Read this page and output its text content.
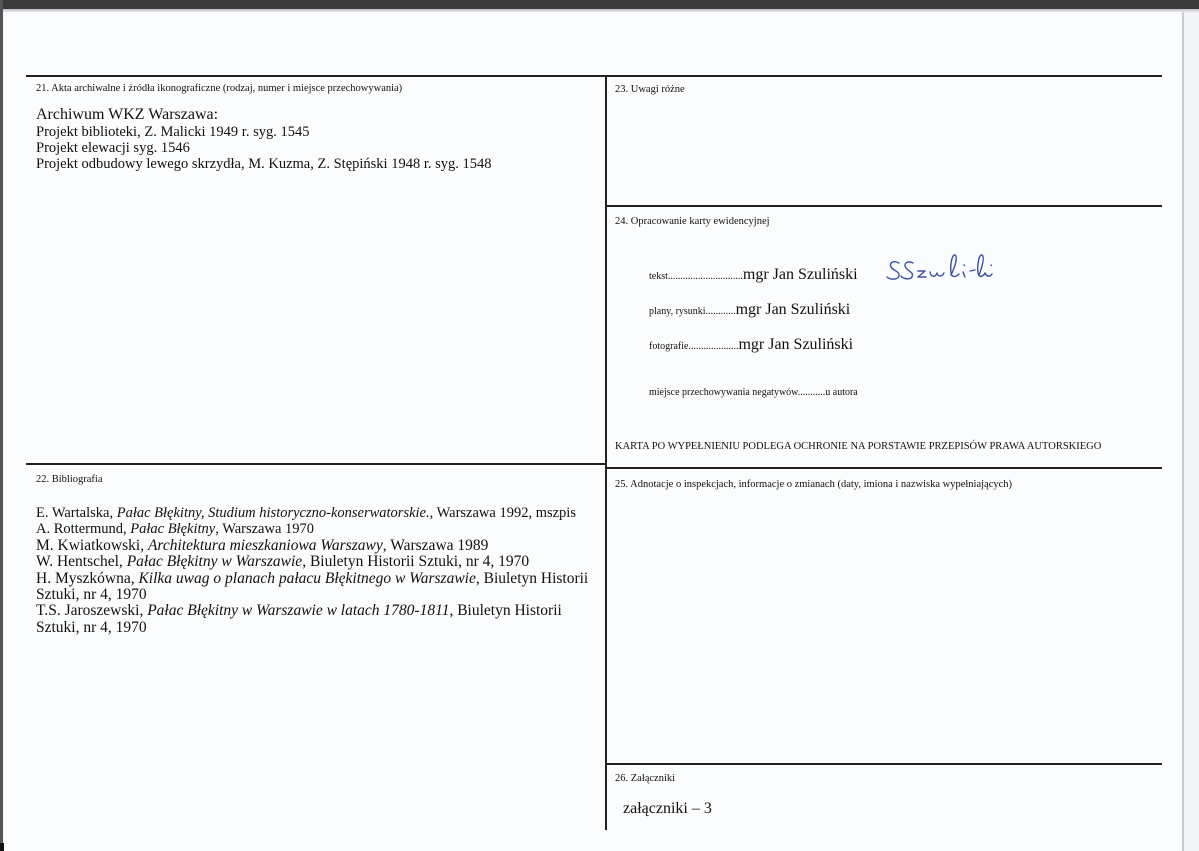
21. Akta archiwalne i źródła ikonograficzne (rodzaj, numer i miejsce przechowywania)
Archiwum WKZ Warszawa:
Projekt biblioteki, Z. Malicki 1949 r. syg. 1545
Projekt elewacji syg. 1546
Projekt odbudowy lewego skrzydła, M. Kuzma, Z. Stępiński 1948 r. syg. 1548
23. Uwagi różne
24. Opracowanie karty ewidencyjnej
tekst..............................mgr Jan Szuliński
plany, rysunki............mgr Jan Szuliński
fotografie....................mgr Jan Szuliński
miejsce przechowywania negatywów...........u autora
KARTA PO WYPEŁNIENIU PODLEGA OCHRONIE NA PORSTAWIE PRZEPISÓW PRAWA AUTORSKIEGO
22. Bibliografia
E. Wartalska, Pałac Błękitny, Studium historyczno-konserwatorskie., Warszawa 1992, mszpis
A. Rottermund, Pałac Błękitny, Warszawa 1970
M. Kwiatkowski, Architektura mieszkaniowa Warszawy, Warszawa 1989
W. Hentschel, Pałac Błękitny w Warszawie, Biuletyn Historii Sztuki, nr 4, 1970
H. Myszkówna, Kilka uwag o planach pałacu Błękitnego w Warszawie, Biuletyn Historii
Sztuki, nr 4, 1970
T.S. Jaroszewski, Pałac Błękitny w Warszawie w latach 1780-1811, Biuletyn Historii
Sztuki, nr 4, 1970
25. Adnotacje o inspekcjach, informacje o zmianach (daty, imiona i nazwiska wypełniających)
26. Załączniki
załączniki – 3
